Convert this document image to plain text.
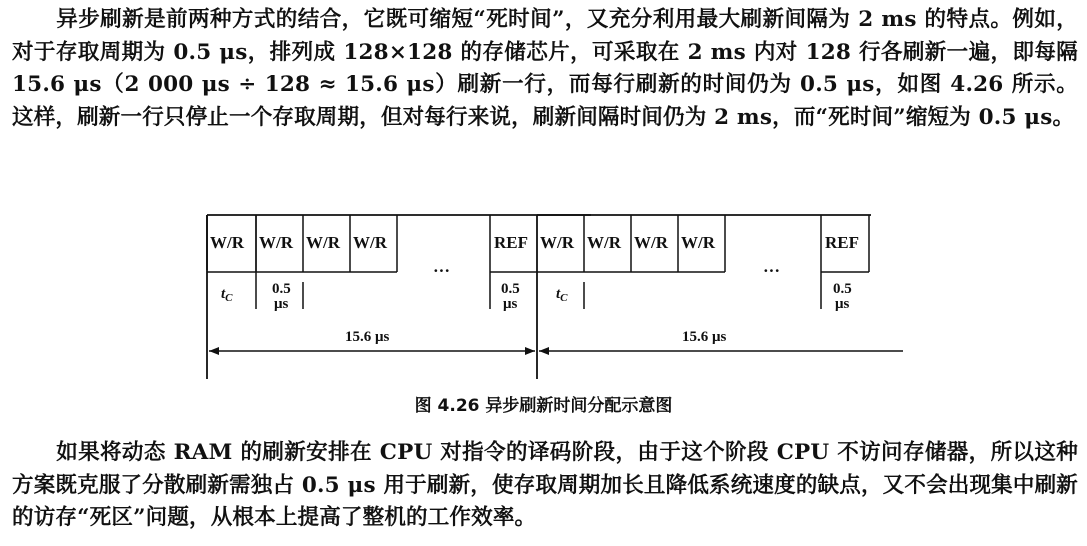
异步刷新是前两种方式的结合，它既可缩短“死时间”，又充分利用最大刷新间隔为 2 ms 的特点。例如，对于存取周期为 0.5 μs，排列成 128×128 的存储芯片，可采取在 2 ms 内对 128 行各刷新一遍，即每隔 15.6 μs（2 000 μs ÷ 128 ≈ 15.6 μs）刷新一行，而每行刷新的时间仍为 0.5 μs，如图 4.26 所示。这样，刷新一行只停止一个存取周期，但对每行来说，刷新间隔时间仍为 2 ms，而“死时间”缩短为 0.5 μs。

W/R W/R W/R W/R
···
REF W/R W/R W/R W/R
···
REF
$t_C$	$t_C$
0.5
μs
0.5
μs
0.5
μs
15.6 μs	15.6 μs
图 4.26 异步刷新时间分配示意图

如果将动态 RAM 的刷新安排在 CPU 对指令的译码阶段，由于这个阶段 CPU 不访问存储器，所以这种方案既克服了分散刷新需独占 0.5 μs 用于刷新，使存取周期加长且降低系统速度的缺点，又不会出现集中刷新的访存“死区”问题，从根本上提高了整机的工作效率。
